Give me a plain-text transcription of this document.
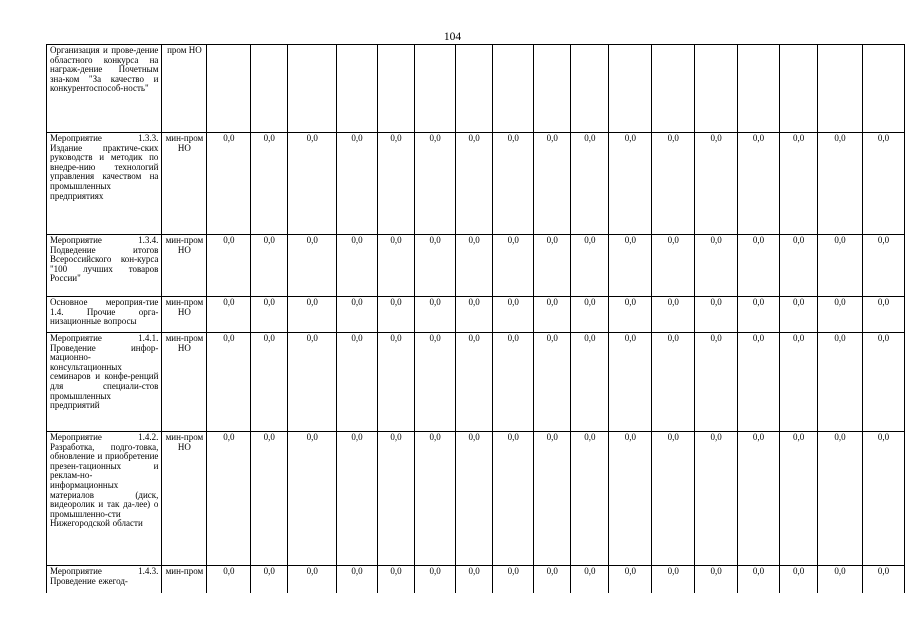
104
Организация и прове-дение областного конкурса на награж-дение Почетным зна-ком "За качество и конкурентоспособ-ность"	пром НО																	
Мероприятие 1.3.3. Издание практиче-ских руководств и методик по внедре-нию технологий управления качеством на промышленных предприятиях	мин-пром НО	0,0	0,0	0,0	0,0	0,0	0,0	0,0	0,0	0,0	0,0	0,0	0,0	0,0	0,0	0,0	0,0	0,0
Мероприятие 1.3.4. Подведение итогов Всероссийского кон-курса "100 лучших товаров России"	мин-пром НО	0,0	0,0	0,0	0,0	0,0	0,0	0,0	0,0	0,0	0,0	0,0	0,0	0,0	0,0	0,0	0,0	0,0
Основное мероприя-тие 1.4. Прочие орга-низационные вопросы	мин-пром НО	0,0	0,0	0,0	0,0	0,0	0,0	0,0	0,0	0,0	0,0	0,0	0,0	0,0	0,0	0,0	0,0	0,0
Мероприятие 1.4.1. Проведение инфор-мационно-консультационных семинаров и конфе-ренций для специали-стов промышленных предприятий	мин-пром НО	0,0	0,0	0,0	0,0	0,0	0,0	0,0	0,0	0,0	0,0	0,0	0,0	0,0	0,0	0,0	0,0	0,0
Мероприятие 1.4.2. Разработка, подго-товка, обновление и приобретение презен-тационных и реклам-но-информационных материалов (диск, видеоролик и так да-лее) о промышленно-сти Нижегородской области	мин-пром НО	0,0	0,0	0,0	0,0	0,0	0,0	0,0	0,0	0,0	0,0	0,0	0,0	0,0	0,0	0,0	0,0	0,0
Мероприятие 1.4.3. Проведение ежегод-	мин-пром	0,0	0,0	0,0	0,0	0,0	0,0	0,0	0,0	0,0	0,0	0,0	0,0	0,0	0,0	0,0	0,0	0,0
